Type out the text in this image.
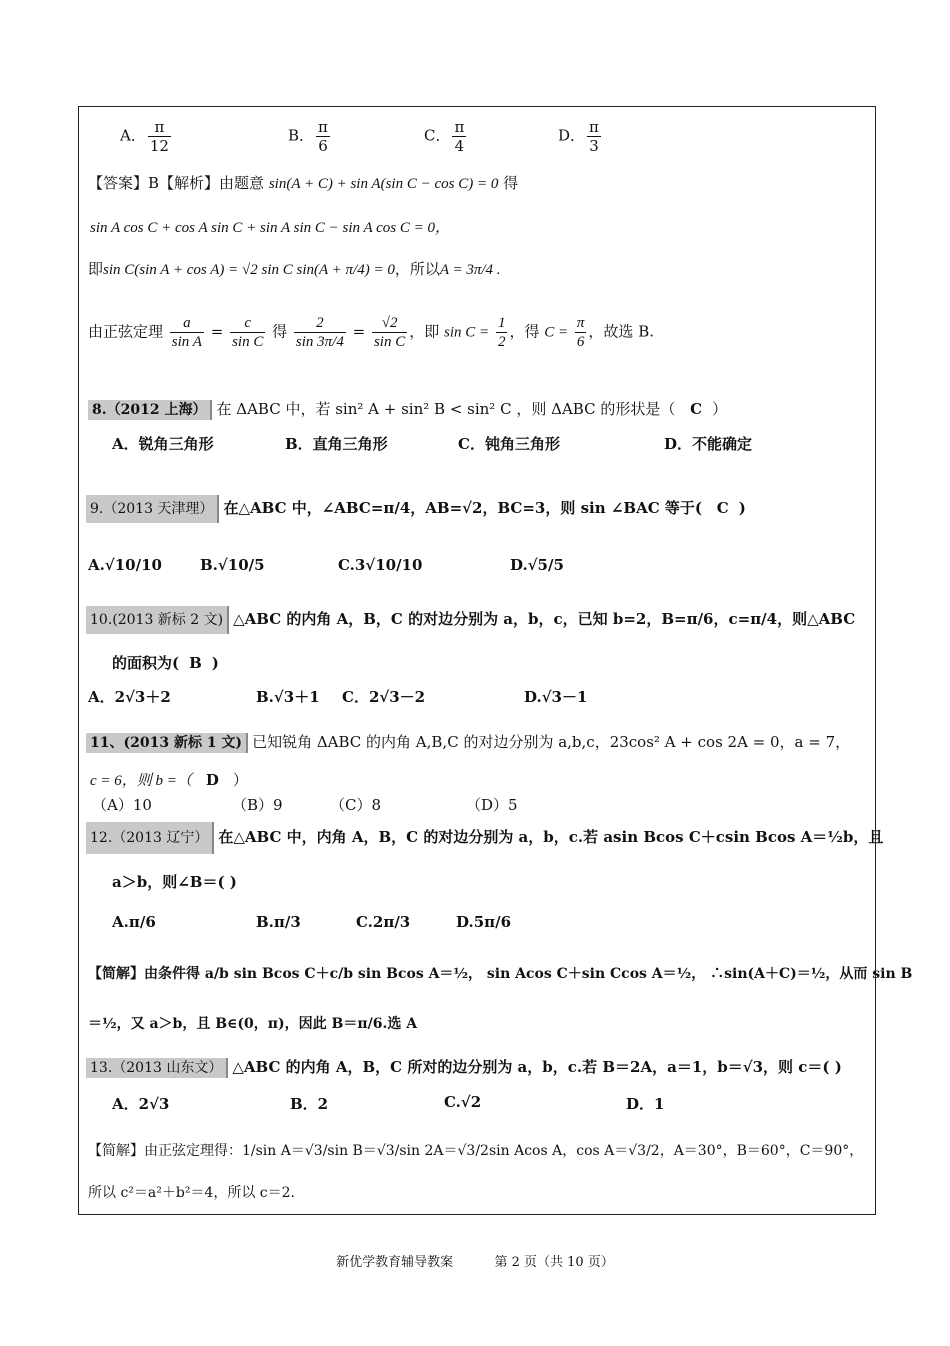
A． $\frac{\pi}{12}$	B． $\frac{\pi}{6}$	C． $\frac{\pi}{4}$	D． $\frac{\pi}{3}$
【答案】B【解析】由题意 sin(A + C) + sin A(sin C − cos C) = 0 得
sin A cos C + cos A sin C + sin A sin C − sin A cos C = 0，
即sin C(sin A + cos A) = √2 sin C sin(A + π/4) = 0，所以A = 3π/4 .
由正弦定理 $\frac{a}{\text{sin A}} = \frac{c}{\text{sin C}}$ 得 $\frac{2}{\sin 3\pi/4} = \frac{√2}{\text{sin C}}$ ，即 $\sin C = \frac{1}{2}$ ，得 $C = \frac{\pi}{6}$ ，故选 B.
8.（2012 上海） 在 ΔABC 中，若 sin² A + sin² B < sin² C ，则 ΔABC 的形状是（ C ）
A．锐角三角形	B．直角三角形	C．钝角三角形	D．不能确定
9.（2013 天津理） 在△ABC 中，∠ABC=π/4，AB=√2，BC=3，则 sin ∠BAC 等于( C )
A.√10/10	B.√10/5	C.3√10/10	D.√5/5
10.(2013 新标 2 文) △ABC 的内角 A，B，C 的对边分别为 a，b，c，已知 b=2，B=π/6，c=π/4，则△ABC
的面积为( B )
A．2√3＋2	B.√3＋1 C．2√3－2	D.√3－1
11、(2013 新标 1 文) 已知锐角 ΔABC 的内角 A,B,C 的对边分别为 a,b,c，23cos² A + cos 2A = 0，a = 7，
c = 6，则 b =（ D ）
（A）10	（B）9	（C）8	（D）5
12.（2013 辽宁） 在△ABC 中，内角 A，B，C 的对边分别为 a，b，c.若 asin Bcos C＋csin Bcos A＝½b，且
a＞b，则∠B＝( )
A.π/6	B.π/3	C.2π/3	D.5π/6
【简解】由条件得 a/b sin Bcos C＋c/b sin Bcos A＝½， sin Acos C＋sin Ccos A＝½， ∴sin(A＋C)＝½，从而 sin B
＝½，又 a＞b，且 B∈(0，π)，因此 B＝π/6.选 A
13.（2013 山东文） △ABC 的内角 A，B，C 所对的边分别为 a，b，c.若 B＝2A，a＝1，b＝√3，则 c＝( )
A．2√3	B．2	C.√2	D．1
【简解】由正弦定理得：1/sin A＝√3/sin B＝√3/sin 2A＝√3/2sin Acos A，cos A＝√3/2，A＝30°，B＝60°，C＝90°，
所以 c²＝a²＋b²＝4，所以 c＝2.
新优学教育辅导教案          第 2 页（共 10 页）
